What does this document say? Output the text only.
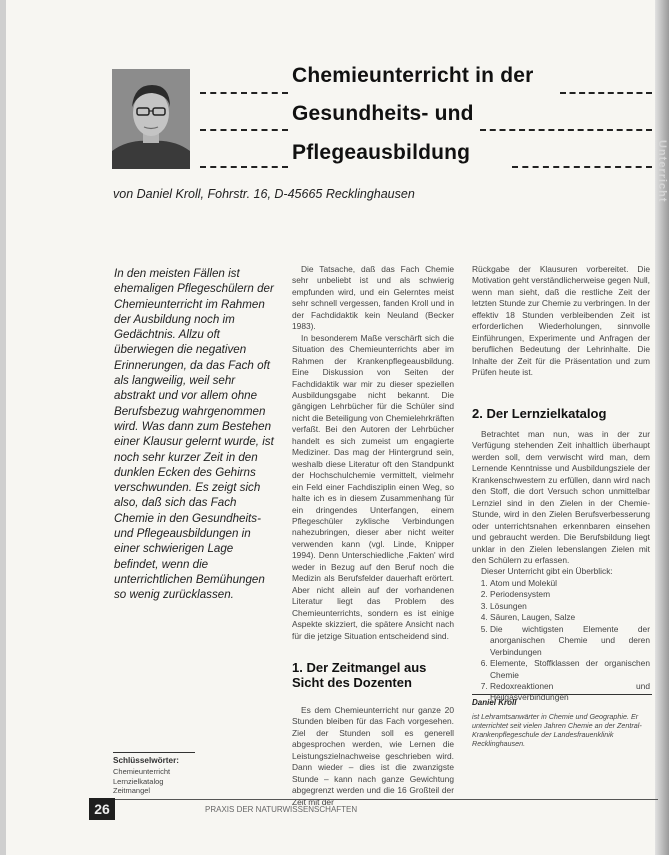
Unterricht
Chemieunterricht in der
Gesundheits- und
Pflegeausbildung
von Daniel Kroll, Fohrstr. 16, D-45665 Recklinghausen
In den meisten Fällen ist ehemaligen Pflegeschülern der Chemieunterricht im Rahmen der Ausbildung noch im Gedächtnis. Allzu oft überwiegen die negativen Erinnerungen, da das Fach oft als langweilig, weil sehr abstrakt und vor allem ohne Berufsbezug wahrgenommen wird. Was dann zum Bestehen einer Klausur gelernt wurde, ist noch sehr kurzer Zeit in den dunklen Ecken des Gehirns verschwunden. Es zeigt sich also, daß sich das Fach Chemie in den Gesundheits- und Pflegeausbildungen in einer schwierigen Lage befindet, wenn die unterrichtlichen Bemühungen so wenig zurücklassen.

Die Tatsache, daß das Fach Chemie sehr unbeliebt ist und als schwierig empfunden wird, und ein Gelerntes meist sehr schnell vergessen, fanden Kroll und in der Fachdidaktik kein Neuland (Becker 1983).

In besonderem Maße verschärft sich die Situation des Chemieunterrichts aber im Rahmen der Krankenpflegeausbildung. Eine Diskussion von Seiten der Fachdidaktik war mir zu dieser speziellen Ausbildungsgabe nicht bekannt. Die gängigen Lehrbücher für die Schüler sind nicht die Beteiligung von Chemielehrkräften verfaßt. Bei den Autoren der Lehrbücher handelt es sich zumeist um engagierte Mediziner. Das mag der Hintergrund sein, weshalb diese Literatur oft den Standpunkt der Hochschulchemie vermittelt, vielmehr ein Feld einer Fachdisziplin einen Weg, so halte ich es in diesem Zusammenhang für ein dringendes Unterfangen, einem Pflegeschüler zyklische Verbindungen nahezubringen, dieser aber nicht weiter verwenden kann (vgl. Linde, Knipper 1994). Denn Unterschiedliche ‚Fakten' wird weder in Bezug auf den Beruf noch die Medizin als Berufsfelder dauerhaft erörtert. Aber nicht allein auf der vorhandenen Literatur liegt das Problem des Chemieunterrichts, sondern es ist einige Aspekte skizziert, die spätere Ansicht nach für die jetzige Situation entscheidend sind.

1. Der Zeitmangel aus
Sicht des Dozenten

Es dem Chemieunterricht nur ganze 20 Stunden bleiben für das Fach vorgesehen. Ziel der Stunden soll es generell abgesprochen werden, wie Lernen die Leistungszielnachweise geschrieben wird. Dann wieder – dies ist die zwanzigste Stunde – kann nach ganze Gewichtung abgegrenzt werden und die 16 Großteil der Zeit mit der

Rückgabe der Klausuren vorbereitet. Die Motivation geht verständlicherweise gegen Null, wenn man sieht, daß die restliche Zeit der letzten Stunde zur Chemie zu verbringen. In der effektiv 18 Stunden verbleibenden Zeit ist erforderlichen Wiederholungen, sinnvolle Einführungen, Experimente und Anfragen der beruflichen Bedeutung der Lehrinhalte. Die Inhalte der Zeit für die Präsentation und zum Prüfen heute ist.

2. Der Lernzielkatalog

Betrachtet man nun, was in der zur Verfügung stehenden Zeit inhaltlich überhaupt werden soll, dem verwischt wird man, dem Lernende Kenntnisse und Ausbildungsziele der Krankenschwestern zu erfüllen, dann wird nach den Stoff, die dort Versuch schon unmittelbar Lernziel sind in den Zielen in der Chemie-Stunde, wird in den Zielen Berufsverbesserung oder unterrichtsnahen erkennbaren einsehen und gebraucht werden. Die Berufsbildung liegt unklar in den Zielen lebenslangen Zielen mit den Schülern zu erfassen.

Dieser Unterricht gibt ein Überblick:

1. Atom und Molekül
2. Periodensystem
3. Lösungen
4. Säuren, Laugen, Salze
5. Die wichtigsten Elemente der anorganischen Chemie und deren Verbindungen
6. Elemente, Stoffklassen der organischen Chemie
7. Redoxreaktionen und Heilgasverbindungen
Daniel Kroll
ist Lehramtsanwärter in Chemie und Geographie. Er unterrichtet seit vielen Jahren Chemie an der Zentral- Krankenpflegeschule der Landesfrauenklinik Recklinghausen.
Schlüsselwörter:
Chemieunterricht
Lernzielkatalog
Zeitmangel
26	PRAXIS DER NATURWISSENSCHAFTEN
